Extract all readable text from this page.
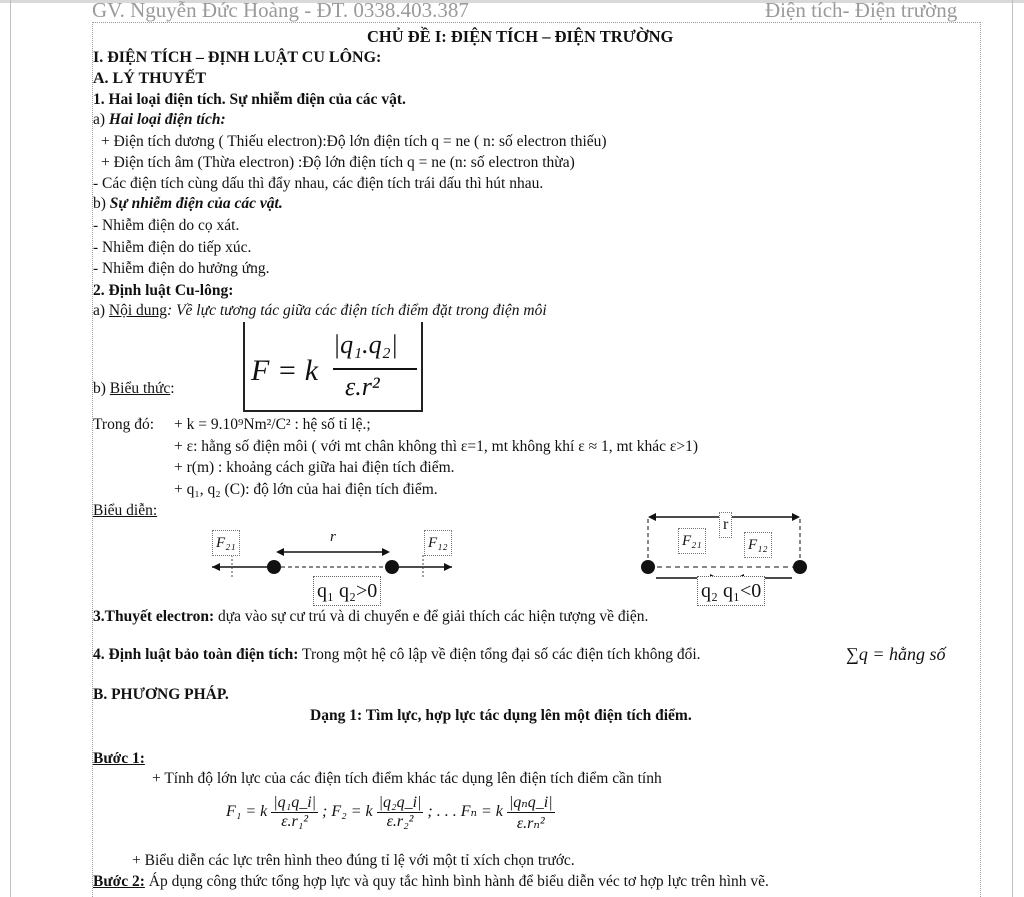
GV. Nguyễn Đức Hoàng - ĐT. 0338.403.387	Điện tích- Điện trường
CHỦ ĐỀ I: ĐIỆN TÍCH – ĐIỆN TRƯỜNG
I. ĐIỆN TÍCH – ĐỊNH LUẬT CU LÔNG:
A. LÝ THUYẾT
1. Hai loại điện tích. Sự nhiễm điện của các vật.
a) Hai loại điện tích:
+ Điện tích dương ( Thiếu electron):Độ lớn điện tích q = ne ( n: số electron thiếu)
+ Điện tích âm (Thừa electron) :Độ lớn điện tích q = ne (n: số electron thừa)
- Các điện tích cùng dấu thì đẩy nhau, các điện tích trái dấu thì hút nhau.
b) Sự nhiễm điện của các vật.
- Nhiễm điện do cọ xát.
- Nhiễm điện do tiếp xúc.
- Nhiễm điện do hưởng ứng.
2. Định luật Cu-lông:
a) Nội dung: Về lực tương tác giữa các điện tích điểm đặt trong điện môi
b) Biểu thức:
F = k
|q₁.q₂|
ε.r²
Trong đó: + k = 9.10⁹Nm²/C² : hệ số tỉ lệ.;
+ ε: hằng số điện môi ( với mt chân không thì ε=1, mt không khí ε ≈ 1, mt khác ε>1)
+ r(m) : khoảng cách giữa hai điện tích điểm.
+ q₁, q₂ (C): độ lớn của hai điện tích điểm.
Biểu diễn:
F₂₁	F₁₂
r
q₁ q₂>0
F₂₁	F₁₂
r
q₂ q₁<0
3.Thuyết electron: dựa vào sự cư trú và di chuyển e để giải thích các hiện tượng về điện.
4. Định luật bảo toàn điện tích: Trong một hệ cô lập về điện tổng đại số các điện tích không đổi.	∑q = hằng số
B. PHƯƠNG PHÁP.
Dạng 1: Tìm lực, hợp lực tác dụng lên một điện tích điểm.
Bước 1:
+ Tính độ lớn lực của các điện tích điểm khác tác dụng lên điện tích điểm cần tính
F₁ = k $\frac{\text{|q₁q\_i|}}{\text{ε.r₁²}}$ ; F₂ = k $\frac{\text{|q₂q\_i|}}{\text{ε.r₂²}}$ ; . . . Fₙ = k
|qₙq_i|
ε.rₙ²
+ Biểu diễn các lực trên hình theo đúng tỉ lệ với một tỉ xích chọn trước.
Bước 2: Áp dụng công thức tổng hợp lực và quy tắc hình bình hành để biểu diễn véc tơ hợp lực trên hình vẽ.
